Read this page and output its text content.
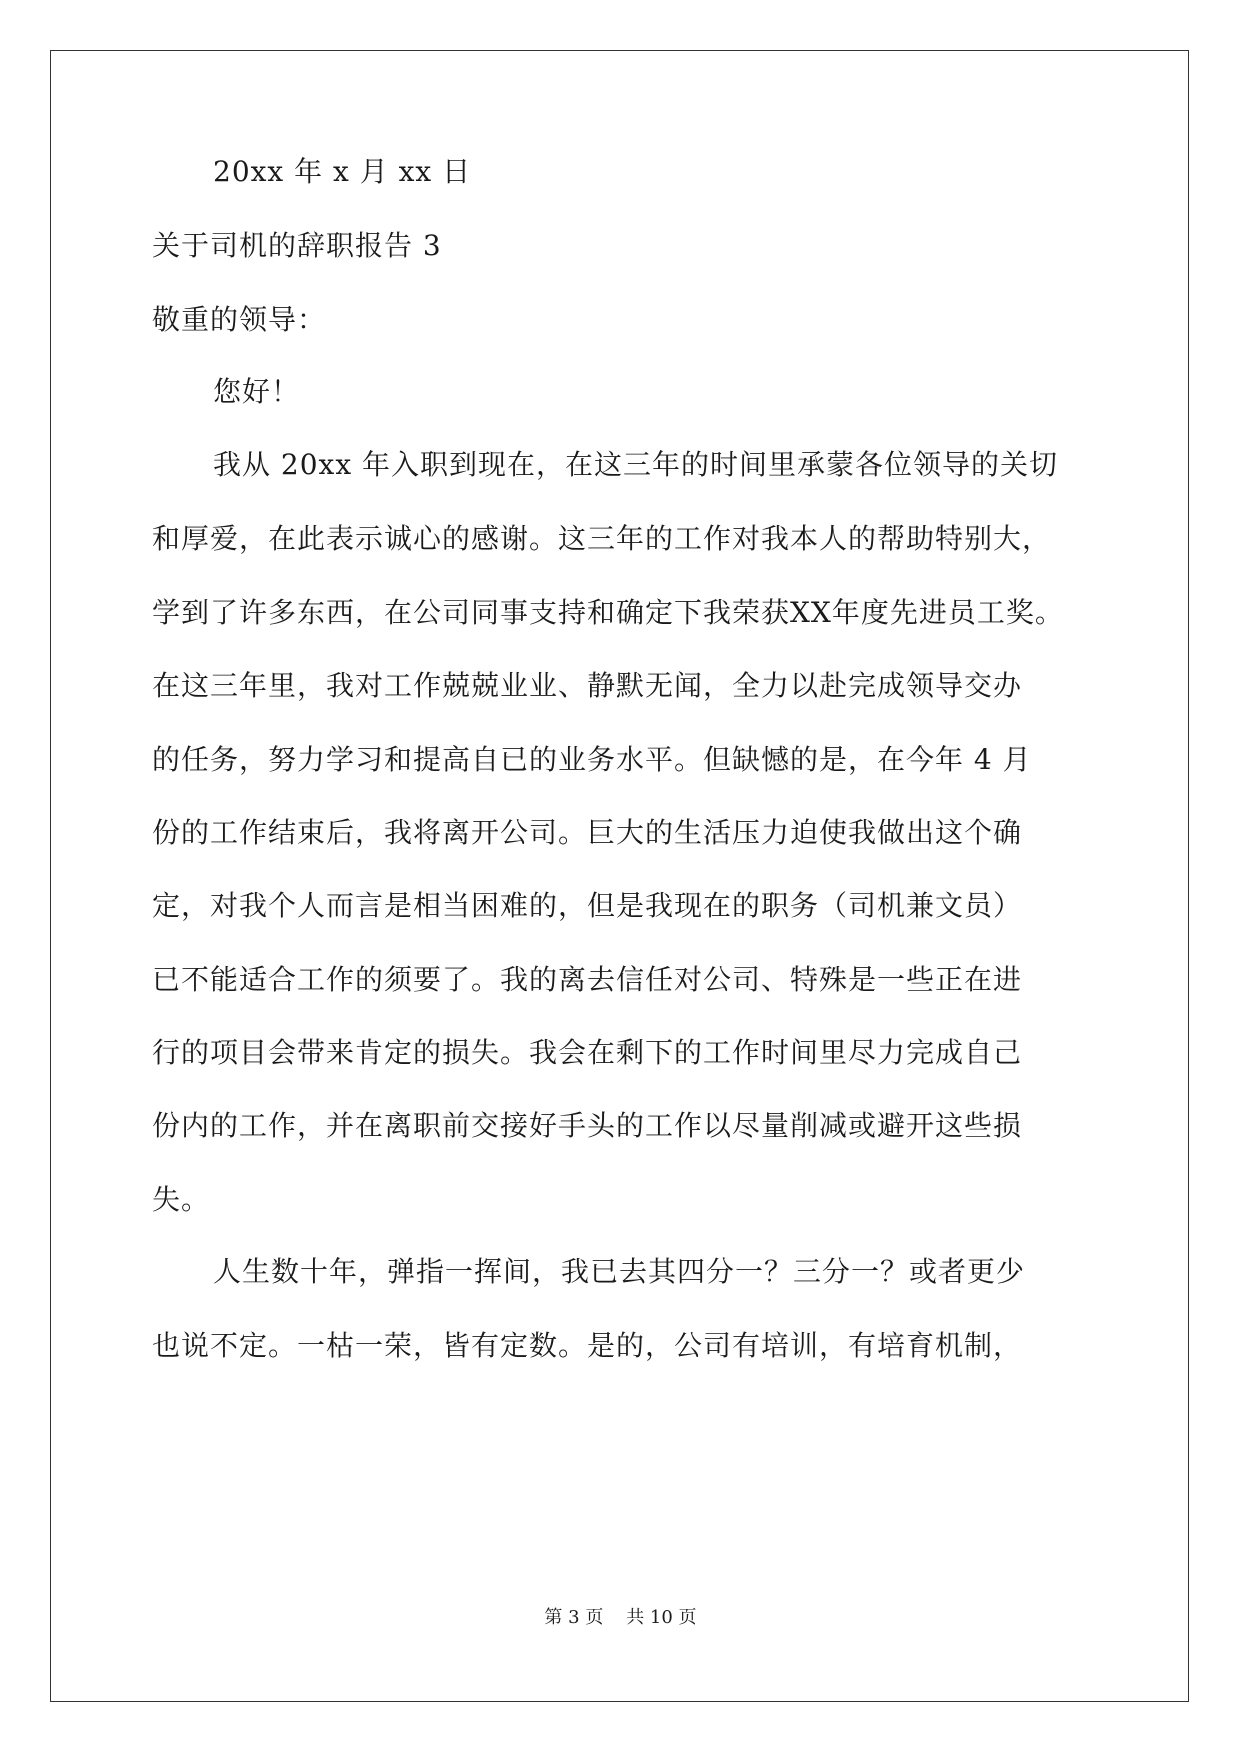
20xx 年 x 月 xx 日

关于司机的辞职报告 3

敬重的领导：

您好！

我从 20xx 年入职到现在，在这三年的时间里承蒙各位领导的关切

和厚爱，在此表示诚心的感谢。这三年的工作对我本人的帮助特别大，

学到了许多东西，在公司同事支持和确定下我荣获XX年度先进员工奖。

在这三年里，我对工作兢兢业业、静默无闻，全力以赴完成领导交办

的任务，努力学习和提高自已的业务水平。但缺憾的是，在今年 4 月

份的工作结束后，我将离开公司。巨大的生活压力迫使我做出这个确

定，对我个人而言是相当困难的，但是我现在的职务（司机兼文员）

已不能适合工作的须要了。我的离去信任对公司、特殊是一些正在进

行的项目会带来肯定的损失。我会在剩下的工作时间里尽力完成自己

份内的工作，并在离职前交接好手头的工作以尽量削减或避开这些损

失。

人生数十年，弹指一挥间，我已去其四分一？三分一？或者更少

也说不定。一枯一荣，皆有定数。是的，公司有培训，有培育机制，

第 3 页    共 10 页
